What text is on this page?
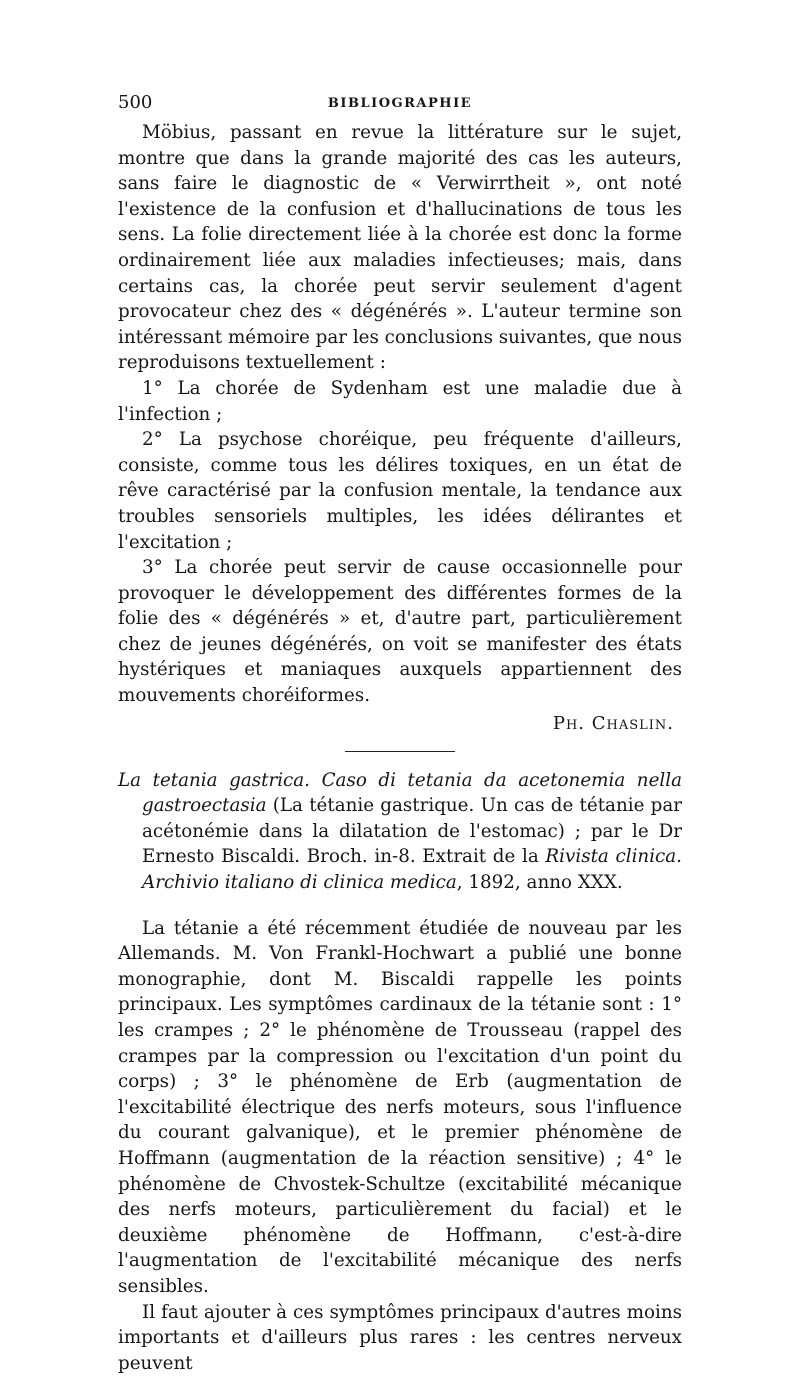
500	BIBLIOGRAPHIE

Möbius, passant en revue la littérature sur le sujet, montre que dans la grande majorité des cas les auteurs, sans faire le diagnostic de « Verwirrtheit », ont noté l'existence de la confusion et d'hallucinations de tous les sens. La folie directement liée à la chorée est donc la forme ordinairement liée aux maladies infectieuses; mais, dans certains cas, la chorée peut servir seulement d'agent provocateur chez des « dégénérés ». L'auteur termine son intéressant mémoire par les conclusions suivantes, que nous reproduisons textuellement :

1° La chorée de Sydenham est une maladie due à l'infection ;

2° La psychose choréique, peu fréquente d'ailleurs, consiste, comme tous les délires toxiques, en un état de rêve caractérisé par la confusion mentale, la tendance aux troubles sensoriels multiples, les idées délirantes et l'excitation ;

3° La chorée peut servir de cause occasionnelle pour provoquer le développement des différentes formes de la folie des « dégénérés » et, d'autre part, particulièrement chez de jeunes dégénérés, on voit se manifester des états hystériques et maniaques auxquels appartiennent des mouvements choréiformes.

Ph. Chaslin.

La tetania gastrica. Caso di tetania da acetonemia nella gastroectasia (La tétanie gastrique. Un cas de tétanie par acétonémie dans la dilatation de l'estomac) ; par le Dr Ernesto Biscaldi. Broch. in-8. Extrait de la Rivista clinica. Archivio italiano di clinica medica, 1892, anno XXX.

La tétanie a été récemment étudiée de nouveau par les Allemands. M. Von Frankl-Hochwart a publié une bonne monographie, dont M. Biscaldi rappelle les points principaux. Les symptômes cardinaux de la tétanie sont : 1° les crampes ; 2° le phénomène de Trousseau (rappel des crampes par la compression ou l'excitation d'un point du corps) ; 3° le phénomène de Erb (augmentation de l'excitabilité électrique des nerfs moteurs, sous l'influence du courant galvanique), et le premier phénomène de Hoffmann (augmentation de la réaction sensitive) ; 4° le phénomène de Chvostek-Schultze (excitabilité mécanique des nerfs moteurs, particulièrement du facial) et le deuxième phénomène de Hoffmann, c'est-à-dire l'augmentation de l'excitabilité mécanique des nerfs sensibles.

Il faut ajouter à ces symptômes principaux d'autres moins importants et d'ailleurs plus rares : les centres nerveux peuvent
